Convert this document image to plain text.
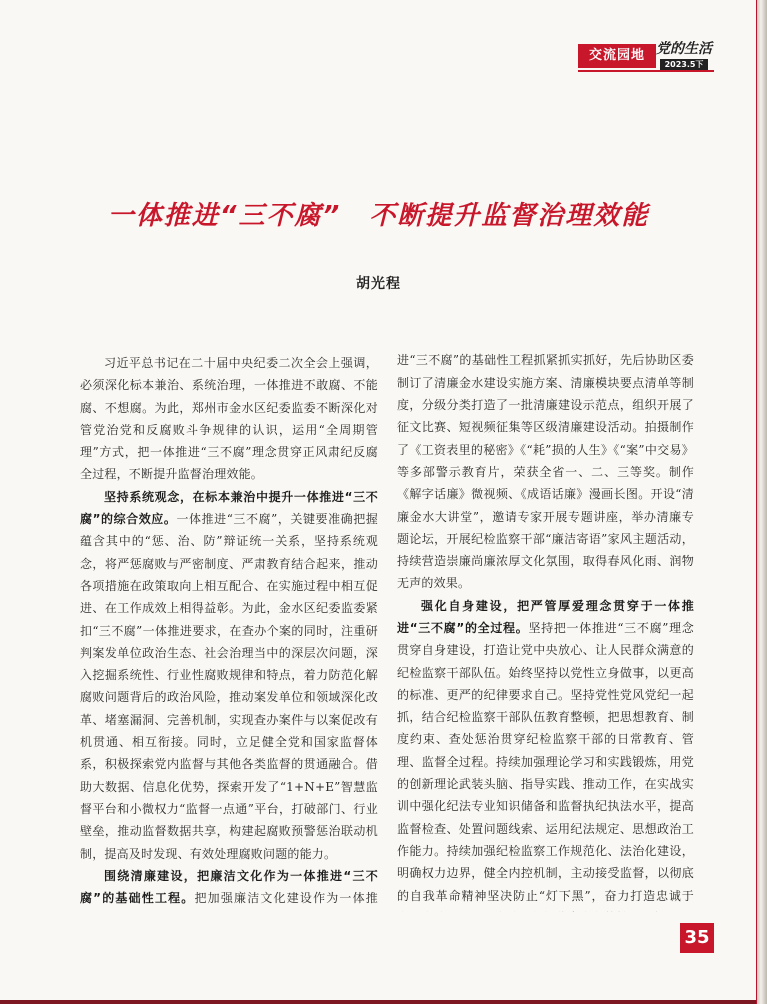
交流园地 党的生活
2023.5下
一体推进“三不腐”　不断提升监督治理效能
胡光程

习近平总书记在二十届中央纪委二次全会上强调，必须深化标本兼治、系统治理，一体推进不敢腐、不能腐、不想腐。为此，郑州市金水区纪委监委不断深化对管党治党和反腐败斗争规律的认识，运用“全周期管理”方式，把一体推进“三不腐”理念贯穿正风肃纪反腐全过程，不断提升监督治理效能。

坚持系统观念，在标本兼治中提升一体推进“三不腐”的综合效应。一体推进“三不腐”，关键要准确把握蕴含其中的“惩、治、防”辩证统一关系，坚持系统观念，将严惩腐败与严密制度、严肃教育结合起来，推动各项措施在政策取向上相互配合、在实施过程中相互促进、在工作成效上相得益彰。为此，金水区纪委监委紧扣“三不腐”一体推进要求，在查办个案的同时，注重研判案发单位政治生态、社会治理当中的深层次问题，深入挖掘系统性、行业性腐败规律和特点，着力防范化解腐败问题背后的政治风险，推动案发单位和领域深化改革、堵塞漏洞、完善机制，实现查办案件与以案促改有机贯通、相互衔接。同时，立足健全党和国家监督体系，积极探索党内监督与其他各类监督的贯通融合。借助大数据、信息化优势，探索开发了“1+N+E”智慧监督平台和小微权力“监督一点通”平台，打破部门、行业壁垒，推动监督数据共享，构建起腐败预警惩治联动机制，提高及时发现、有效处理腐败问题的能力。

围绕清廉建设，把廉洁文化作为一体推进“三不腐”的基础性工程。把加强廉洁文化建设作为一体推

进“三不腐”的基础性工程抓紧抓实抓好，先后协助区委制订了清廉金水建设实施方案、清廉模块要点清单等制度，分级分类打造了一批清廉建设示范点，组织开展了征文比赛、短视频征集等区级清廉建设活动。拍摄制作了《工资表里的秘密》《“耗”损的人生》《“案”中交易》等多部警示教育片，荣获全省一、二、三等奖。制作《解字话廉》微视频、《成语话廉》漫画长图。开设“清廉金水大讲堂”，邀请专家开展专题讲座，举办清廉专题论坛，开展纪检监察干部“廉洁寄语”家风主题活动，持续营造崇廉尚廉浓厚文化氛围，取得春风化雨、润物无声的效果。

强化自身建设，把严管厚爱理念贯穿于一体推进“三不腐”的全过程。坚持把一体推进“三不腐”理念贯穿自身建设，打造让党中央放心、让人民群众满意的纪检监察干部队伍。始终坚持以党性立身做事，以更高的标准、更严的纪律要求自己。坚持党性党风党纪一起抓，结合纪检监察干部队伍教育整顿，把思想教育、制度约束、查处惩治贯穿纪检监察干部的日常教育、管理、监督全过程。持续加强理论学习和实践锻炼，用党的创新理论武装头脑、指导实践、推动工作，在实战实训中强化纪法专业知识储备和监督执纪执法水平，提高监督检查、处置问题线索、运用纪法规定、思想政治工作能力。持续加强纪检监察工作规范化、法治化建设，明确权力边界，健全内控机制，主动接受监督，以彻底的自我革命精神坚决防止“灯下黑”，奋力打造忠诚于

35
